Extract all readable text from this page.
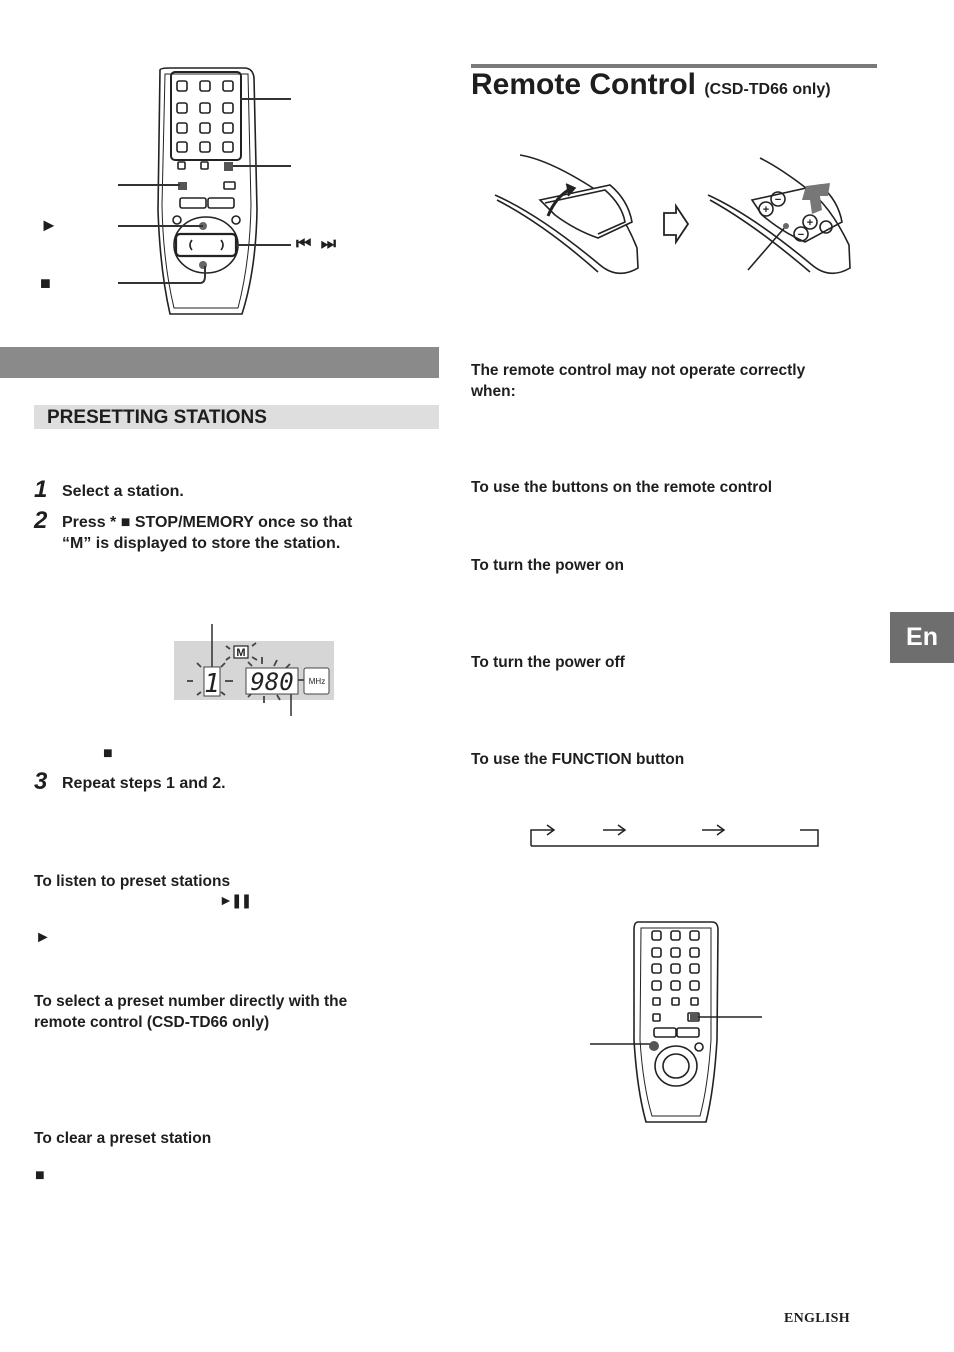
►
■
⏮  ⏭
PRESETTING STATIONS
1 Select a station.
2 Press * ■ STOP/MEMORY once so that
“M” is displayed to store the station.
M
1 980 MHz
■
3 Repeat steps 1 and 2.
To listen to preset stations
►❚❚
►
To select a preset number directly with the
remote control (CSD-TD66 only)
To clear a preset station
■
Remote Control (CSD-TD66 only)
+
−
+
−
The remote control may not operate correctly
when:
To use the buttons on the remote control
To turn the power on
To turn the power off
To use the FUNCTION button
En
ENGLISH
